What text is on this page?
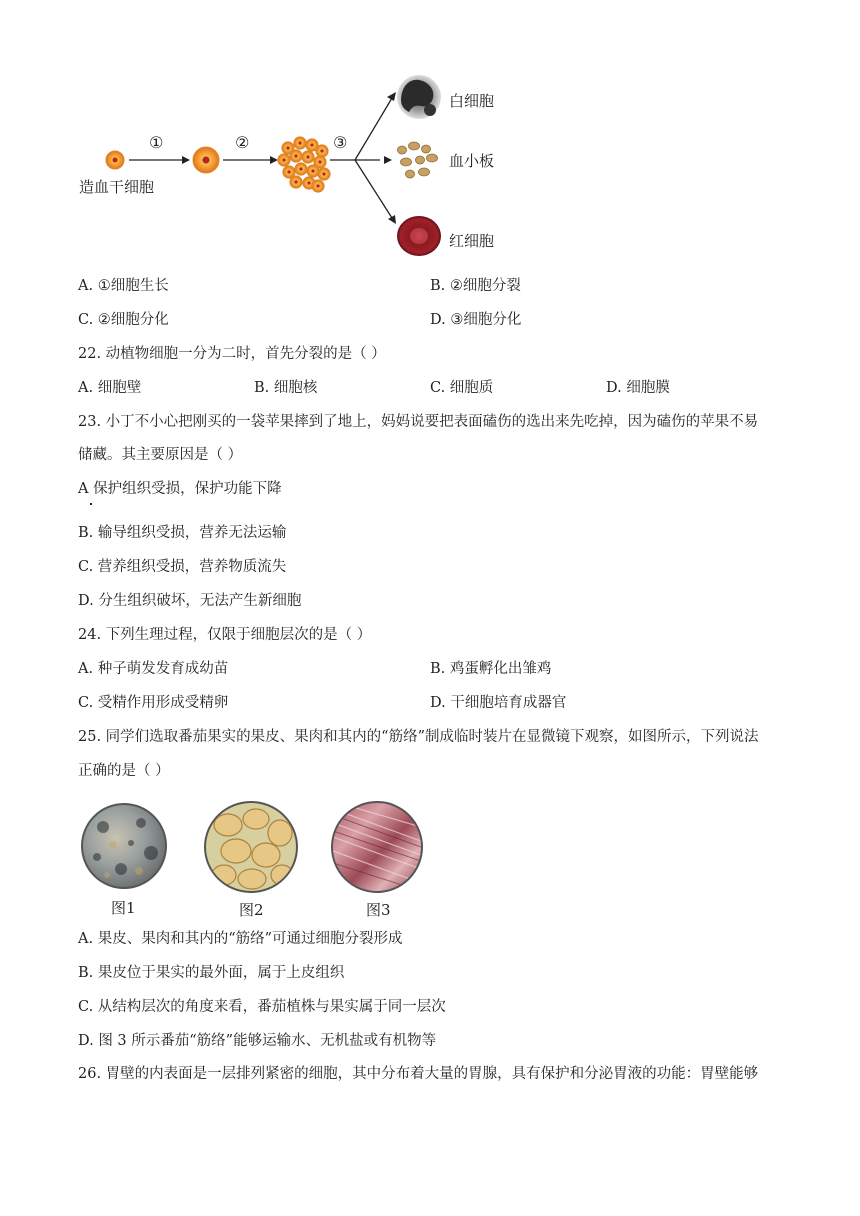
①	②	③
造血干细胞
白细胞
血小板
红细胞
A. ①细胞生长	B. ②细胞分裂
C. ②细胞分化	D. ③细胞分化
22. 动植物细胞一分为二时，首先分裂的是（ ）
A. 细胞壁	B. 细胞核	C. 细胞质	D. 细胞膜
23. 小丁不小心把刚买的一袋苹果摔到了地上，妈妈说要把表面磕伤的选出来先吃掉，因为磕伤的苹果不易
储藏。其主要原因是（ ）
A 保护组织受损，保护功能下降
B. 输导组织受损，营养无法运输
C. 营养组织受损，营养物质流失
D. 分生组织破坏，无法产生新细胞
24. 下列生理过程，仅限于细胞层次的是（ ）
A. 种子萌发发育成幼苗	B. 鸡蛋孵化出雏鸡
C. 受精作用形成受精卵	D. 干细胞培育成器官
25. 同学们选取番茄果实的果皮、果肉和其内的“筋络”制成临时装片在显微镜下观察，如图所示，下列说法
正确的是（ ）
图1	图2	图3
A. 果皮、果肉和其内的“筋络”可通过细胞分裂形成
B. 果皮位于果实的最外面，属于上皮组织
C. 从结构层次的角度来看，番茄植株与果实属于同一层次
D. 图 3 所示番茄“筋络”能够运输水、无机盐或有机物等
26. 胃壁的内表面是一层排列紧密的细胞，其中分布着大量的胃腺，具有保护和分泌胃液的功能：胃壁能够
